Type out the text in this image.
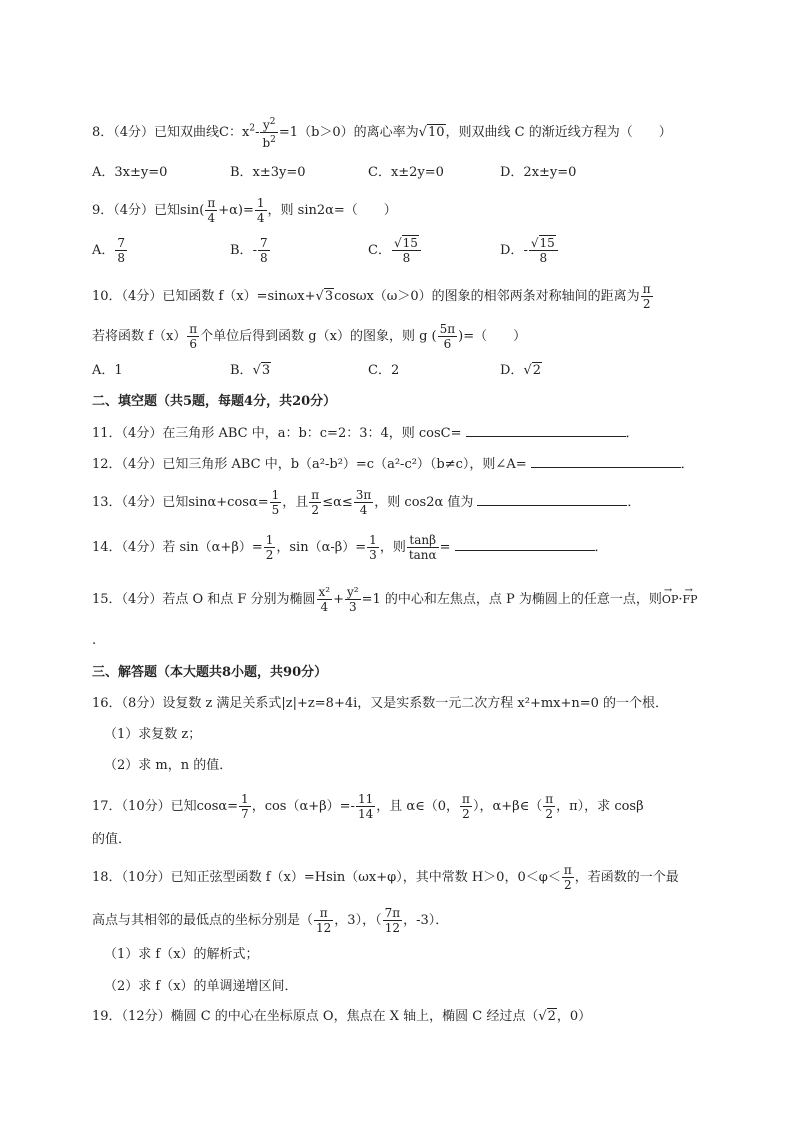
8．（4分）已知双曲线C：$x^2- \frac{y^2}{b^2} =1(b>0)$的离心率为√10，则双曲线 C 的渐近线方程为（　　）
A．3x±y=0	B．x±3y=0	C．x±2y=0	D．2x±y=0
9．（4分）已知$\sin( \frac{\pi}{4} +\alpha)= \frac{1}{4}$ ，则 sin2α=（　　）
A． $\frac{7}{8}$	B．- $\frac{7}{8}$	C． $\frac{√15}{8}$	D．- $\frac{√15}{8}$
10．（4分）已知函数 f（x）=sinωx+√3cosωx（ω＞0）的图象的相邻两条对称轴间的距离为 $\frac{\pi}{2}$
若将函数 $f(x) \frac{\pi}{6}$ 个单位后得到函数 g（x）的图象，则 g ( $\frac{5\pi}{6}$ )=（　　）
A．1	B．√3	C．2	D．√2
二、填空题（共5题，每题4分，共20分）
11．（4分）在三角形 ABC 中，a：b：c=2：3：4，则 cosC=	．
12．（4分）已知三角形 ABC 中，b（a²-b²）=c（a²-c²）（b≠c），则∠A=	．
13．（4分）已知$\sin\alpha+\cos\alpha= \frac{1}{5}$ ，且 $\frac{\pi}{2} \le\alpha\le \frac{3\pi}{4}$ ，则 cos2α 值为	．
14．（4分）若 $\sin(\alpha+\beta)= \frac{1}{2}$ ，$\sin(\alpha-\beta)= \frac{1}{3}$ ，则 $\frac{\tan\beta}{\tan\alpha}$ =	．
15．（4分）若点 O 和点 F 分别为椭圆 $\frac{\text{x²}}{4} + \frac{\text{y²}}{3} =1$ 的中心和左焦点，点 P 为椭圆上的任意一点，则→ OP·→ FP
.
三、解答题（本大题共8小题，共90分）
16．（8分）设复数 z 满足关系式|z|+z=8+4i，又是实系数一元二次方程 x²+mx+n=0 的一个根．
（1）求复数 z；
（2）求 m，n 的值．
17．（10分）已知$\cos\alpha= \frac{1}{7}$ ，$\cos(\alpha+\beta)=- \frac{11}{14}$ ，且 α∈（0， $\frac{\pi}{2}$ ），α+β∈（ $\frac{\pi}{2}$ ，π），求 cosβ
的值．
18．（10分）已知正弦型函数 f（x）=Hsin（ωx+φ），其中常数 H＞0，$0<\varphi< \frac{\pi}{2}$ ，若函数的一个最
高点与其相邻的最低点的坐标分别是（ $\frac{\pi}{12}$ ，3），（ $\frac{7\pi}{12}$ ，-3）．
（1）求 f（x）的解析式；
（2）求 f（x）的单调递增区间．
19．（12分）椭圆 C 的中心在坐标原点 O，焦点在 X 轴上，椭圆 C 经过点（√2，0）
